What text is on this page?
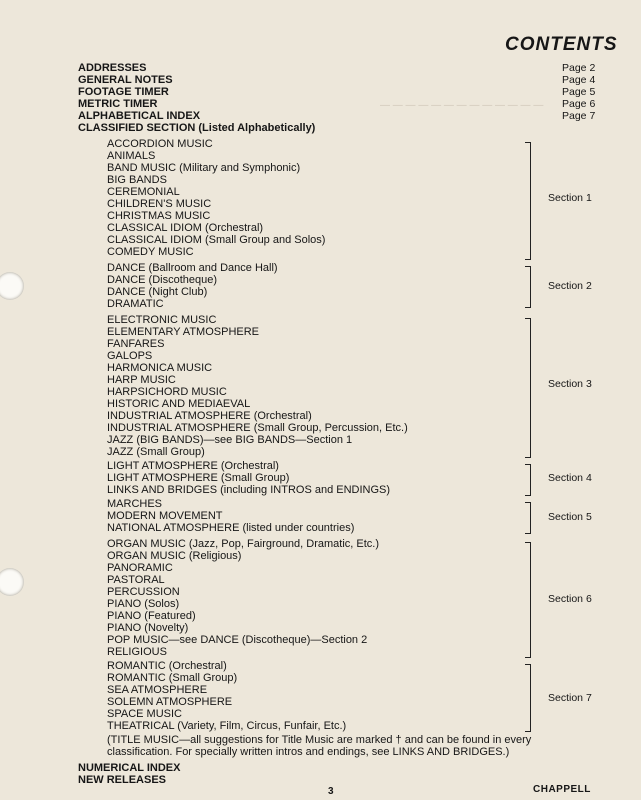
— — — — — — — — — — — — —
CONTENTS
ADDRESSES
GENERAL NOTES
FOOTAGE TIMER
METRIC TIMER
ALPHABETICAL INDEX
Page 2
Page 4
Page 5
Page 6
Page 7
CLASSIFIED SECTION (Listed Alphabetically)
ACCORDION MUSIC
ANIMALS
BAND MUSIC (Military and Symphonic)
BIG BANDS
CEREMONIAL
CHILDREN'S MUSIC
CHRISTMAS MUSIC
CLASSICAL IDIOM (Orchestral)
CLASSICAL IDIOM (Small Group and Solos)
COMEDY MUSIC
DANCE (Ballroom and Dance Hall)
DANCE (Discotheque)
DANCE (Night Club)
DRAMATIC
ELECTRONIC MUSIC
ELEMENTARY ATMOSPHERE
FANFARES
GALOPS
HARMONICA MUSIC
HARP MUSIC
HARPSICHORD MUSIC
HISTORIC AND MEDIAEVAL
INDUSTRIAL ATMOSPHERE (Orchestral)
INDUSTRIAL ATMOSPHERE (Small Group, Percussion, Etc.)
JAZZ (BIG BANDS)—see BIG BANDS—Section 1
JAZZ (Small Group)
LIGHT ATMOSPHERE (Orchestral)
LIGHT ATMOSPHERE (Small Group)
LINKS AND BRIDGES (including INTROS and ENDINGS)
MARCHES
MODERN MOVEMENT
NATIONAL ATMOSPHERE (listed under countries)
ORGAN MUSIC (Jazz, Pop, Fairground, Dramatic, Etc.)
ORGAN MUSIC (Religious)
PANORAMIC
PASTORAL
PERCUSSION
PIANO (Solos)
PIANO (Featured)
PIANO (Novelty)
POP MUSIC—see DANCE (Discotheque)—Section 2
RELIGIOUS
ROMANTIC (Orchestral)
ROMANTIC (Small Group)
SEA ATMOSPHERE
SOLEMN ATMOSPHERE
SPACE MUSIC
THEATRICAL (Variety, Film, Circus, Funfair, Etc.)
Section 1
Section 2
Section 3
Section 4
Section 5
Section 6
Section 7
(TITLE MUSIC—all suggestions for Title Music are marked † and can be found in every
classification. For specially written intros and endings, see LINKS AND BRIDGES.)
NUMERICAL INDEX
NEW RELEASES
3	CHAPPELL
